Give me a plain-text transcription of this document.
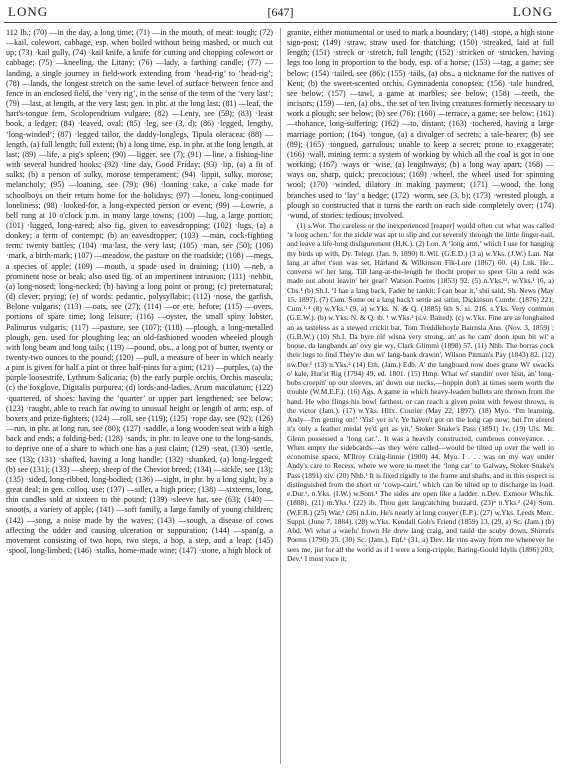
LONG	[647]	LONG

112 lb.; (70) —in the day, a long time; (71) —in the mouth, of meat: tough; (72) —kail, colewort, cabbage, esp. when boiled without being mashed, or much cut up; (73) ·kail gully, (74) ·kail knife, a knife for cutting and chopping colewort or cabbage; (75) —kneeling, the Litany; (76) —lady, a farthing candle; (77) —landing, a single journey in field-work extending from ‘head-rig’ to ‘head-rig’; (78) —lands, the longest stretch on the same level of surface between fence and fence in an enclosed field, the ‘very rig’, in the sense of the term of the ‘very last’; (79) —last, at length, at the very last; gen. in phr. at the long last; (81) —leaf, the hart's-tongue fern, Scolopendrium vulgare; (82) —Lenty, see (59); (83) ·least book, a ledger; (84) ·leaved, oval; (85) ·leg, see (3, d); (86) ·legged, lengthy, ‘long-winded’; (87) ·legged tailor, the daddy-longlegs, Tipula oleracea; (88) —length, (a) full length; full extent; (b) a long time, esp. in phr. at the long length, at last; (89) —life, a pig's spleen; (90) —ligger, see (7); (91) —line, a fishing-line with several hundred hooks; (92) ·line day, Good Friday; (93) ·lip, (a) a fit of sulks; (b) a person of sulky, morose temperament; (94) ·lippit, sulky, morose; melancholy; (95) —loaning, see (79); (96) ·loaning cake, a cake made for schoolboys on their return home for the holidays; (97) —loneu, long-continued loneliness; (98) ·looked-for, a long-expected person or event; (99) —Lowrie, a bell rung at 10 o'clock p.m. in many large towns; (100) —lug, a large portion; (101) ·lugged, long-eared; also fig. given to eavesdropping; (102) ·lugs, (a) a donkey; a term of contempt; (b) an eavesdropper; (103) —man, cock-fighting term: twenty battles; (104) ·ma·last, the very last; (105) ·man, see (50); (106) ·mark, a birth-mark; (107) —meadow, the pasture on the roadside; (108) —megs, a species of apple; (109) —mouth, a spade used in draining; (110) —neb, a prominent nose or beak; also used fig. of an impertinent intrusion; (111) ·nebbit, (a) long-nosed; long-necked; (b) having a long point or prong; (c) preternatural; (d) clever; prying; (e) of words: pedantic, polysyllabic; (112) ·nose, the garfish, Belone vulgaris; (113) —oats, see (27); (114) —or ere, before; (115) —overs, portions of spare time; long leisure; (116) —oyster, the small spiny lobster, Palinurus vulgaris; (117) —pasture, see (107); (118) —plough, a long-metalled plough, gen. used for ploughing lea; an old-fashioned wooden wheeled plough with long beam and long tails; (119) —pound, obs., a long pot of butter, twenty or twenty-two ounces to the pound; (120) —pull, a measure of beer in which nearly a pint is given for half a pint or three half-pints for a pint; (121) —purples, (a) the purple loosestrife, Lythrum Salicaria; (b) the early purple orchis, Orchis mascula; (c) the foxglove, Digitalis purpurea; (d) lords-and-ladies, Arum maculatum; (122) ·quartered, of shoes: having the ‘quarter’ or upper part lengthened; see below; (123) ·raught, able to reach far owing to unusual height or length of arm; esp. of boxers and prize-fighters; (124) —roll, see (119); (125) ·rope day, see (92); (126) —run, in phr. at long run, see (80); (127) ·saddle, a long wooden seat with a high back and ends; a folding-bed; (128) ·sands, in phr. to leave one to the long-sands, to deprive one of a share to which one has a just claim; (129) ·seat, (130) ·settle, see (13); (131) ·shafted, having a long handle; (132) ·shanked, (a) long-legged; (b) see (131); (133) —sheep, sheep of the Cheviot breed; (134) —sickle, see (13); (135) ·sided, long-ribbed, long-bodied; (136) —sight, in phr. by a long sight, by a great deal; in gen. colloq. use; (137) —siller, a high price; (138) —sixteens, long, thin candles sold at sixteen to the pound; (139) ·sleeve hat, see (63); (140) —snoot(s, a variety of apple; (141) —soft family, a large family of young children; (142) —song, a noise made by the waves; (143) —sough, a disease of cows affecting the udder and causing ulceration or suppuration; (144) —span(g, a movement consisting of two hops, two steps, a hop, a step, and a leap; (145) ·spool, long-limbed; (146) ·stalks, home-made wine; (147) ·stone, a high block of

granite, either monumental or used to mark a boundary; (148) ·stope, a high stone sign-post; (149) ·straw, straw used for thatching; (150) ·streaked, laid at full length; (151) ·streck or ·stretch, full length; (152) ·stricken or ·strucken, having legs too long in proportion to the body, esp. of a horse; (153) —tag, a game; see below; (154) ·tailed, see (86); (155) ·tails, (a) obs., a nickname for the natives of Kent; (b) the sweet-scented orchis, Gymnadenia conopsea; (156) ·tale hundred, see below; (157) —tawl, a game at marbles; see below; (158) —teeth, the incisors; (159) —ten, (a) obs., the set of ten living creatures formerly necessary to work a plough; see below; (b) see (76); (160) —terrace, a game; see below; (161) —thohance, long-suffering; (162) —to, distant; (163) ·tochered, having a large marriage portion; (164) ·tongue, (a) a divulger of secrets; a tale-bearer; (b) see (89); (165) ·tongued, garrulous; unable to keep a secret; prone to exaggerate; (166) ·wall, mining term: a system of working by which all the coal is got in one working; (167) ·ways or ·wise, (a) lengthways; (b) a long way apart; (168) —ways on, sharp, quick; precocious; (169) ·wheel, the wheel used for spinning wool; (170) ·winded, dilatory in making payment; (171) —wood, the long branches used to ‘lay’ a hedge; (172) ·worm, see (3, b); (173) ·wrested plough, a plough so constructed that it turns the earth on each side completely over; (174) ·wund, of stories: tedious; involved.

(1) s.Wor. The careless or the inexperienced [reaper] would often cut what was called ‘a long achen,’ for the sickle was apt to slip and cut severely through the little finger-nail, and leave a life-long disfigurement (H.K.). (2) Lon. A ‘long arm,’ which I use for hanging my birds up with, Dy. Telegr. (Jan. 9, 1890) 8. Wil. (G.E.D.) (3 a) w.Yks. (J.W.) Lan. Nat lang at after t'sun was set, Harland & Wilkinson Flk-Lore (1867) 60. (4) Lnk. He... conversi wi' her lang. Till lang-at-the-length he thocht proper to speer Gin a redd was made out about leavin' her gear? Watson Poems (1853) 92. (5) n.Yks.¹², w.Yks.¹ (6, a) Cbs.¹ (b) Sh.I. ‘I hae a lang back, Fader be tankit; I can bear it,’ shü said, Sh. News (May 15, 1897). (7) Cum. Some on a lang back't settle ast sittin, Dickinson Cumbr. (1876) 221; Cum.¹·⁴ (8) w.Yks.¹ (9, a) w.Yks. N. & Q. (1885) 6th S. xi. 216. s.Yks. Very common (G.E.W.). (b) w.Yks. N. & Q. ib. ¹ w.Yks.² (s.v. Baited). (c) w.Yks. Fine are as longbaited an as tasteless as a stewed crickit bat, Tom Treddlehoyle Bairnsla Ann. (Nov. 3, 1859) ; (G.B.W.) (10) Sh.I. Da byre rüf wisna very strong, an' as he cam' doon ipun hit wi' a boose, da langbands an' ovy gie wy, Clark Glimmi (1898) 57. (11) Nhb. The borras cock their lugs to find They're dun wi' lang-bank drawin', Wilson Pitman's Pay (1843) 82. (12) nw.Der.¹ (13) n.Yks.² (14) Eth. (Jam.) Edb. A' the langboard now does grane Wi' swacks o' kale, Hur'st Rig (1794) 49, ed. 1801. (15) Hmp. What wi' standin' over hisn, an' long-bobs creepin' up our sleeves, an' down our necks,—hoppin don't at times seem worth the trouble (W.M.E.F.). (16) Ags. A game in which heavy-leaden bullets are thrown from the hand. He who flings his bowl farthest, or can reach a given point with fewest throws, is the victor (Jam.). (17) w.Yks. Hlfx. Courier (May 22, 1897). (18) Myo. ‘I'm learning, Andy—I'm getting on!’ ‘Yis! yer is’r. Ye haven't got on the long cap now; but I'm afeerd it's only a leather medal ye'd get as yit,’ Stoker Snake's Pass (1891) 1v. (19) Uls. Mr. Glenn possessed a ‘long car.’.. It was a heavily constructed, cumbrous conveyance. . . When empty the sidebcards—as they were called—would be tilted up over the well to economise space, M'Ilroy Craig-linnie (1900) 44. Myo. I . . . was on my way under Andy's care to Recess, where we were to meet the ‘long car’ to Galway, Stoker Snake's Pass (1891) xiv. (20) Nhb.¹ It is fixed rigidly to the frame and shafts, and in this respect is distinguished from the short or ‘cowp-cairt,’ which can be tilted up to discharge its load. e.Dur.¹, n.Yks. (I.W.) w.Som.¹ The sides are open like a ladder. n.Dev. Exmoor Whs.hk. (1888). (21) m.Yks.¹ (22) ib. Thou gett langcatching buzzard, (23)ⁿ n.Yks.² (24) Som. (W.F.R.) (25) War.² (26) n.Lin. He's nearly at long couyer (E.P.). (27) w.Yks. Leeds Merc. Suppl. (June 7, 1884). (28) w.Yks. Kendall Gob's Friend (1859) 13. (29, a) Sc. (Jam.) (b) Abd. Wi what a waefu' frown He drew lang craig, and tauld the scuby down, Shirrefs Poems (1790) 35. (30) Sc. (Jam.), Enf.¹ (31, a) Dev. He rins away from me whenever he sees me, jist for all the world as if I were a long-cripple, Baring-Gould Idylls (1896) 203; Dev.¹ I must vace it;
